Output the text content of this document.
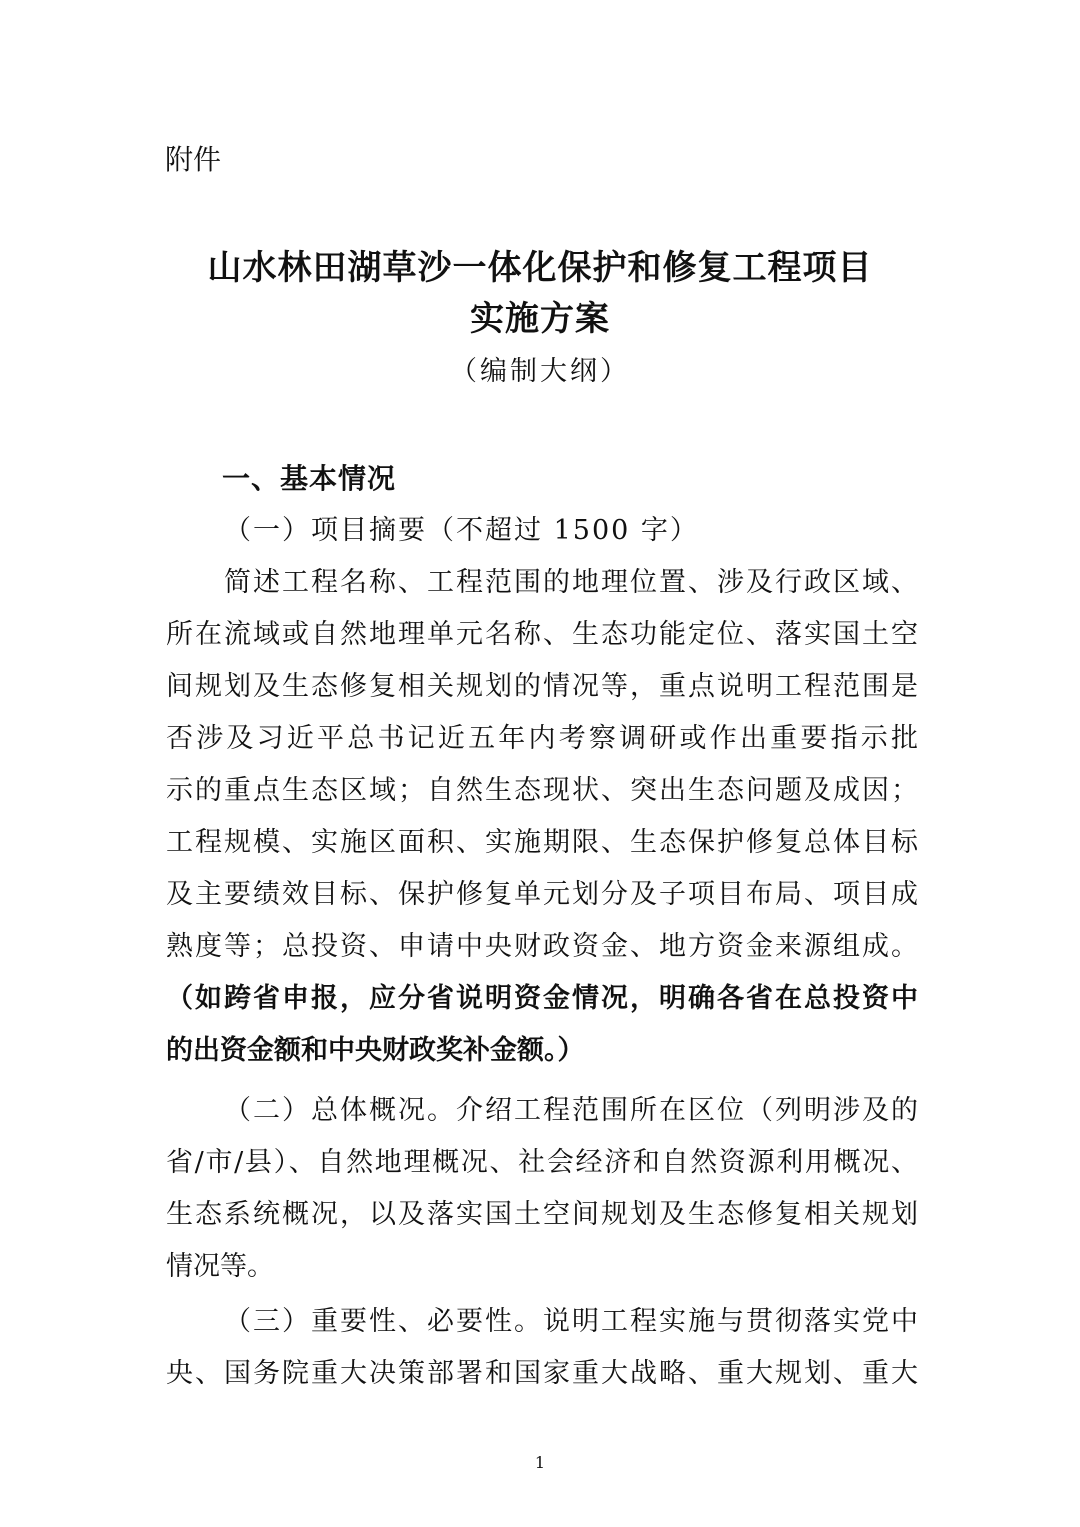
附件
山水林田湖草沙一体化保护和修复工程项目
实施方案
（编制大纲）
一、基本情况
（一）项目摘要（不超过 1500 字）
简述工程名称、工程范围的地理位置、涉及行政区域、
所在流域或自然地理单元名称、生态功能定位、落实国土空
间规划及生态修复相关规划的情况等，重点说明工程范围是
否涉及习近平总书记近五年内考察调研或作出重要指示批
示的重点生态区域；自然生态现状、突出生态问题及成因；
工程规模、实施区面积、实施期限、生态保护修复总体目标
及主要绩效目标、保护修复单元划分及子项目布局、项目成
熟度等；总投资、申请中央财政资金、地方资金来源组成。
（如跨省申报，应分省说明资金情况，明确各省在总投资中
的出资金额和中央财政奖补金额。）
（二）总体概况。介绍工程范围所在区位（列明涉及的
省/市/县）、自然地理概况、社会经济和自然资源利用概况、
生态系统概况，以及落实国土空间规划及生态修复相关规划
情况等。
（三）重要性、必要性。说明工程实施与贯彻落实党中
央、国务院重大决策部署和国家重大战略、重大规划、重大
1
